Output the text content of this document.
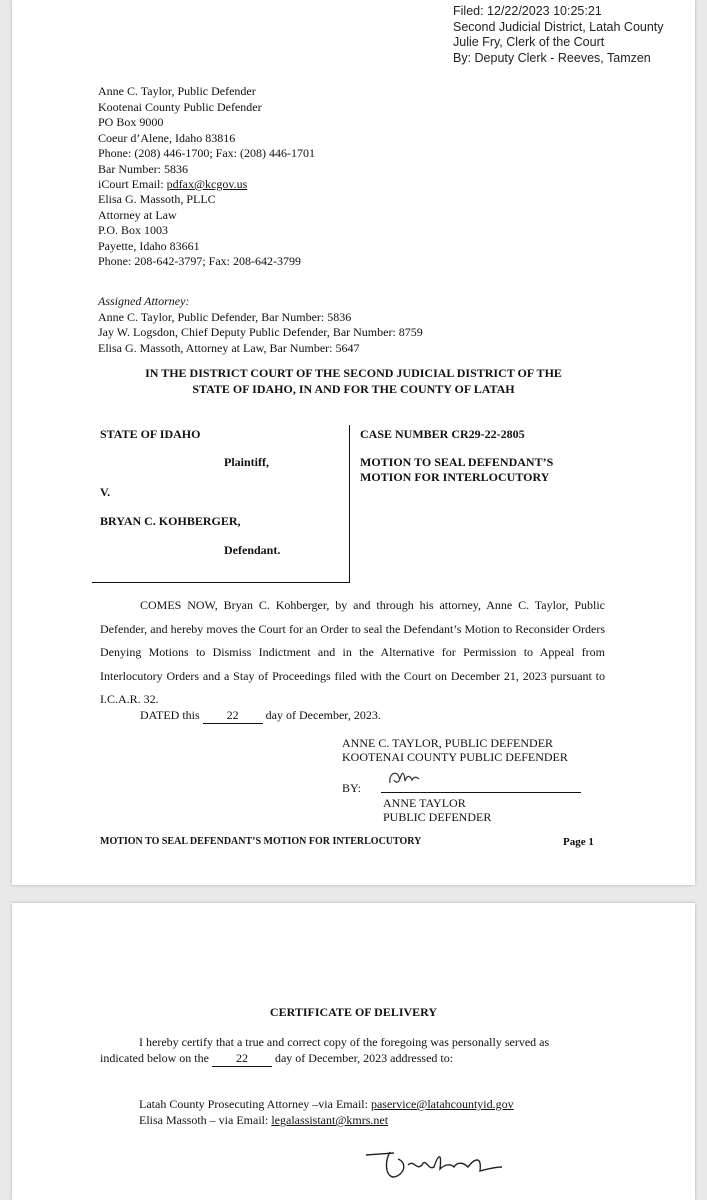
Filed: 12/22/2023 10:25:21
Second Judicial District, Latah County
Julie Fry, Clerk of the Court
By: Deputy Clerk - Reeves, Tamzen
Anne C. Taylor, Public Defender
Kootenai County Public Defender
PO Box 9000
Coeur d’Alene, Idaho 83816
Phone: (208) 446-1700; Fax: (208) 446-1701
Bar Number: 5836
iCourt Email: pdfax@kcgov.us
Elisa G. Massoth, PLLC
Attorney at Law
P.O. Box 1003
Payette, Idaho 83661
Phone: 208-642-3797; Fax: 208-642-3799
Assigned Attorney:
Anne C. Taylor, Public Defender, Bar Number: 5836
Jay W. Logsdon, Chief Deputy Public Defender, Bar Number: 8759
Elisa G. Massoth, Attorney at Law, Bar Number: 5647
IN THE DISTRICT COURT OF THE SECOND JUDICIAL DISTRICT OF THE
STATE OF IDAHO, IN AND FOR THE COUNTY OF LATAH
STATE OF IDAHO
Plaintiff,
V.
BRYAN C. KOHBERGER,
Defendant.
CASE NUMBER CR29-22-2805
MOTION TO SEAL DEFENDANT’S
MOTION FOR INTERLOCUTORY
COMES NOW, Bryan C. Kohberger, by and through his attorney, Anne C. Taylor, Public Defender, and hereby moves the Court for an Order to seal the Defendant’s Motion to Reconsider Orders Denying Motions to Dismiss Indictment and in the Alternative for Permission to Appeal from Interlocutory Orders and a Stay of Proceedings filed with the Court on December 21, 2023 pursuant to I.C.A.R. 32.
DATED this 22 day of December, 2023.
ANNE C. TAYLOR, PUBLIC DEFENDER
KOOTENAI COUNTY PUBLIC DEFENDER
BY:
ANNE TAYLOR
PUBLIC DEFENDER
MOTION TO SEAL DEFENDANT’S MOTION FOR INTERLOCUTORY	Page 1
CERTIFICATE OF DELIVERY
I hereby certify that a true and correct copy of the foregoing was personally served as
indicated below on the 22 day of December, 2023 addressed to:
Latah County Prosecuting Attorney –via Email: paservice@latahcountyid.gov
Elisa Massoth – via Email: legalassistant@kmrs.net
